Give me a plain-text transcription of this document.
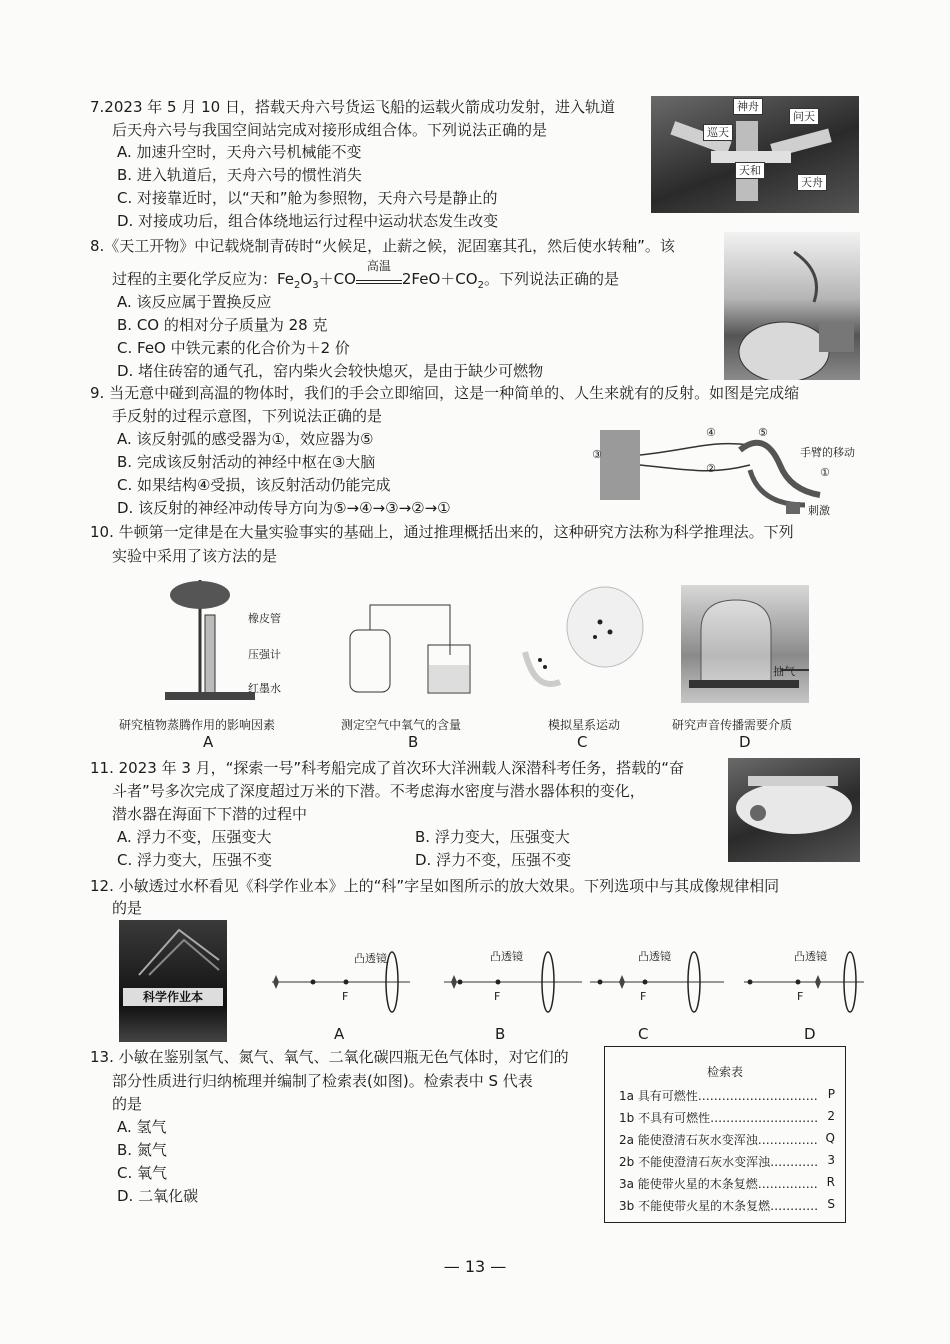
7.2023 年 5 月 10 日，搭载天舟六号货运飞船的运载火箭成功发射，进入轨道
后天舟六号与我国空间站完成对接形成组合体。下列说法正确的是
A. 加速升空时，天舟六号机械能不变
B. 进入轨道后，天舟六号的惯性消失
C. 对接靠近时，以“天和”舱为参照物，天舟六号是静止的
D. 对接成功后，组合体绕地运行过程中运动状态发生改变
神舟
问天
巡天
天和
天舟
8.《天工开物》中记载烧制青砖时“火候足，止薪之候，泥固塞其孔，然后使水转釉”。该
过程的主要化学反应为：$Fe_2O_3+CO$
高温
$2FeO+CO_2$。下列说法正确的是
A. 该反应属于置换反应
B. CO 的相对分子质量为 28 克
C. FeO 中铁元素的化合价为＋2 价
D. 堵住砖窑的通气孔，窑内柴火会较快熄灭，是由于缺少可燃物
9. 当无意中碰到高温的物体时，我们的手会立即缩回，这是一种简单的、人生来就有的反射。如图是完成缩
手反射的过程示意图，下列说法正确的是
A. 该反射弧的感受器为①，效应器为⑤
B. 完成该反射活动的神经中枢在③大脑
C. 如果结构④受损，该反射活动仍能完成
D. 该反射的神经冲动传导方向为⑤→④→③→②→①
③
④	⑤
②	①
手臂的移动
刺激
10. 牛顿第一定律是在大量实验事实的基础上，通过推理概括出来的，这种研究方法称为科学推理法。下列
实验中采用了该方法的是
橡皮管
压强计
红墨水
抽气
研究植物蒸腾作用的影响因素	测定空气中氧气的含量	模拟星系运动	研究声音传播需要介质
A	B	C	D
11. 2023 年 3 月，“探索一号”科考船完成了首次环大洋洲载人深潜科考任务，搭载的“奋
斗者”号多次完成了深度超过万米的下潜。不考虑海水密度与潜水器体积的变化，
潜水器在海面下下潜的过程中
A. 浮力不变，压强变大	B. 浮力变大，压强变大
C. 浮力变大，压强不变	D. 浮力不变，压强不变
12. 小敏透过水杯看见《科学作业本》上的“科”字呈如图所示的放大效果。下列选项中与其成像规律相同
的是
科学作业本
凸透镜	凸透镜	凸透镜	凸透镜
F	F	F	F
A	B	C	D
13. 小敏在鉴别氢气、氮气、氧气、二氧化碳四瓶无色气体时，对它们的
部分性质进行归纳梳理并编制了检索表(如图)。检索表中 S 代表
的是
A. 氢气
B. 氮气
C. 氧气
D. 二氧化碳
检索表
1a 具有可燃性………………………… P
1b 不具有可燃性……………………… 2
2a 能使澄清石灰水变浑浊…………… Q
2b 不能使澄清石灰水变浑浊………… 3
3a 能使带火星的木条复燃…………… R
3b 不能使带火星的木条复燃………… S
— 13 —
